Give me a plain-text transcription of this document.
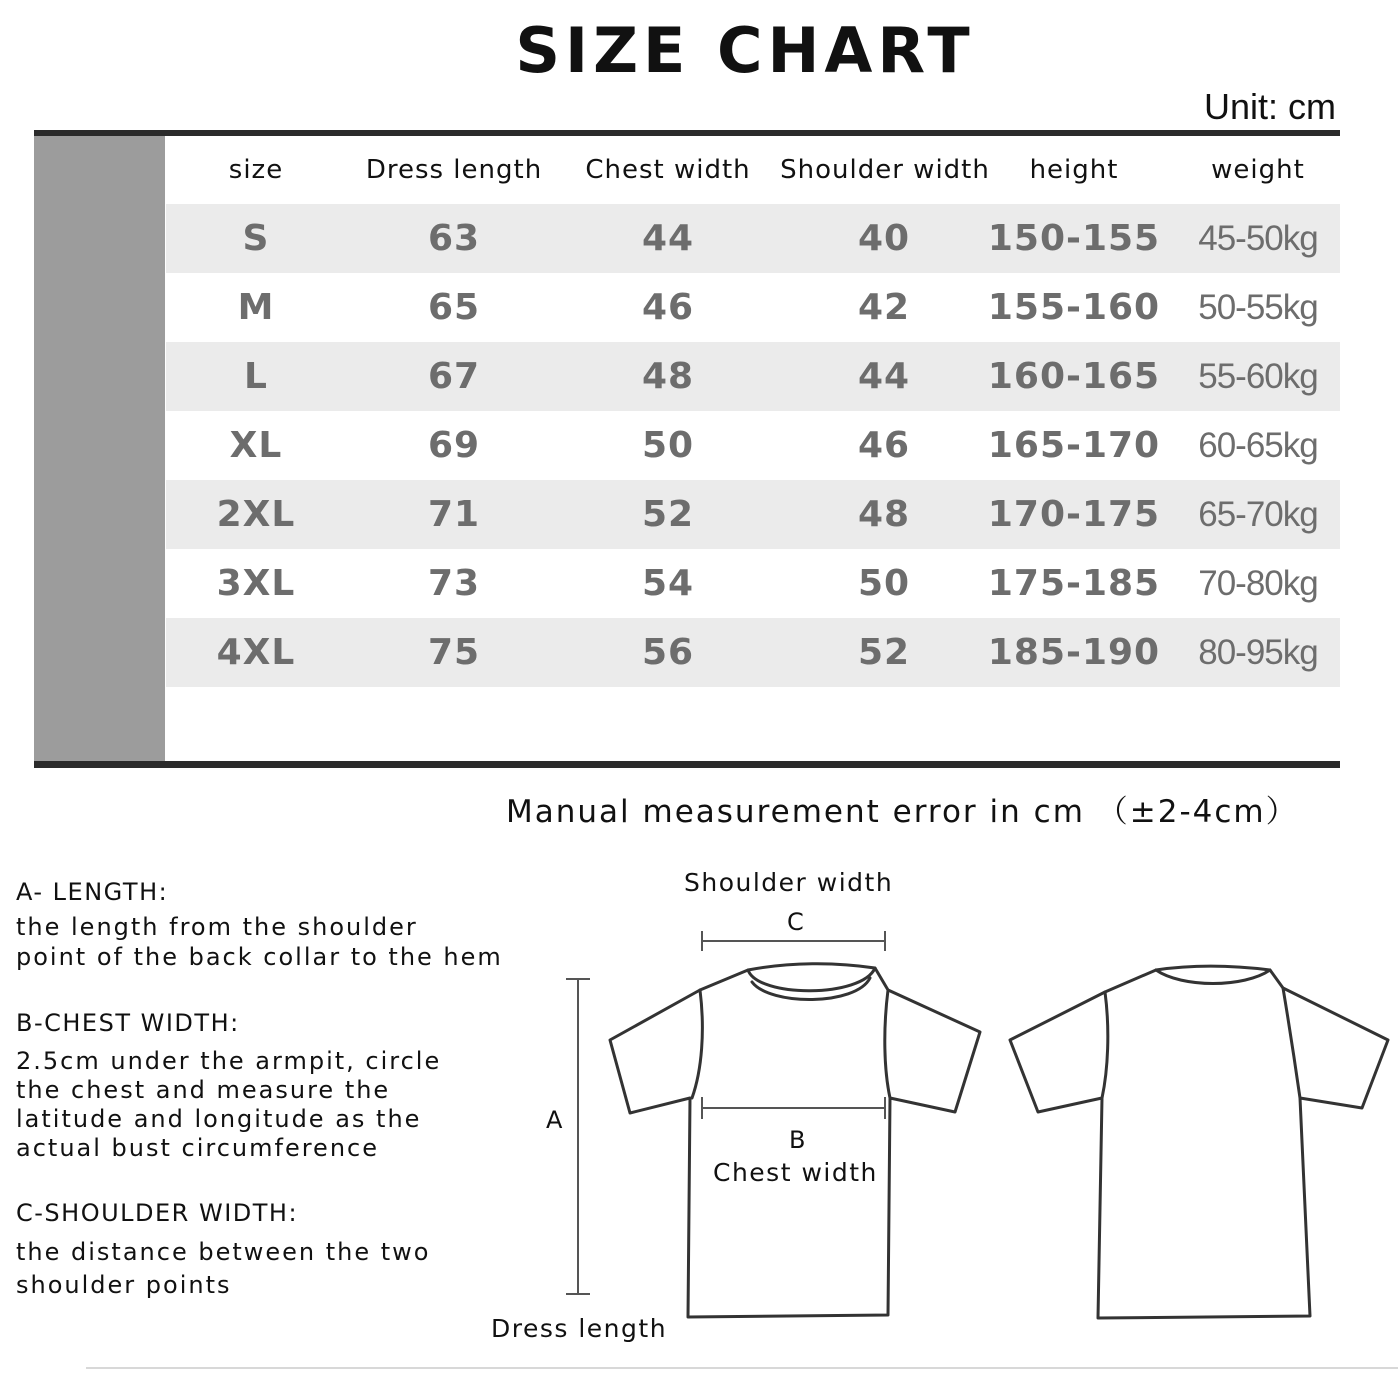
SIZE CHART
Unit: cm
size	Dress length	Chest width	Shoulder width	height	weight
S	63	44	40	150-155	45-50kg
M	65	46	42	155-160	50-55kg
L	67	48	44	160-165	55-60kg
XL	69	50	46	165-170	60-65kg
2XL	71	52	48	170-175	65-70kg
3XL	73	54	50	175-185	70-80kg
4XL	75	56	52	185-190	80-95kg
Manual measurement error in cm （±2-4cm）
A- LENGTH:
the length from the shoulder
point of the back collar to the hem
B-CHEST WIDTH:
2.5cm under the armpit, circle
the chest and measure the
latitude and longitude as the
actual bust circumference
C-SHOULDER WIDTH:
the distance between the two
shoulder points
Shoulder width
C
A
B
Chest width
Dress length
